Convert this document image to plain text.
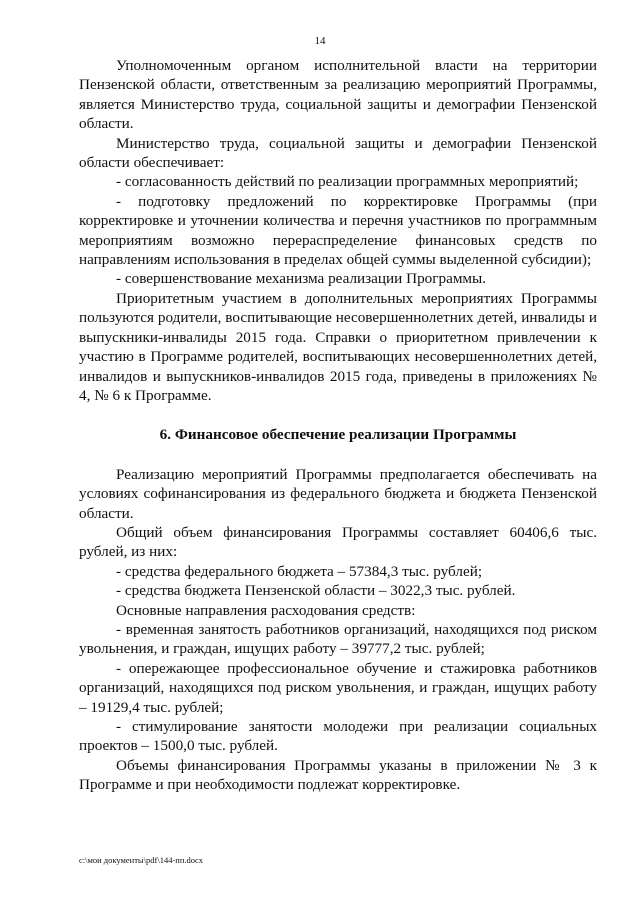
14

Уполномоченным органом исполнительной власти на территории Пензенской области, ответственным за реализацию мероприятий Программы, является Министерство труда, социальной защиты и демографии Пензенской области.

Министерство труда, социальной защиты и демографии Пензенской области обеспечивает:

- согласованность действий по реализации программных мероприятий;

- подготовку предложений по корректировке Программы (при корректировке и уточнении количества и перечня участников по программным мероприятиям возможно перераспределение финансовых средств по направлениям использования в пределах общей суммы выделенной субсидии);

- совершенствование механизма реализации Программы.

Приоритетным участием в дополнительных мероприятиях Программы пользуются родители, воспитывающие несовершеннолетних детей, инвалиды и выпускники-инвалиды 2015 года. Справки о приоритетном привлечении к участию в Программе родителей, воспитывающих несовершеннолетних детей, инвалидов и выпускников-инвалидов 2015 года, приведены в приложениях № 4, № 6 к Программе.

6. Финансовое обеспечение реализации Программы

Реализацию мероприятий Программы предполагается обеспечивать на условиях софинансирования из федерального бюджета и бюджета Пензенской области.

Общий объем финансирования Программы составляет 60406,6 тыс. рублей, из них:

- средства федерального бюджета – 57384,3 тыс. рублей;

- средства бюджета Пензенской области – 3022,3 тыс. рублей.

Основные направления расходования средств:

- временная занятость работников организаций, находящихся под риском увольнения, и граждан, ищущих работу – 39777,2 тыс. рублей;

- опережающее профессиональное обучение и стажировка работников организаций, находящихся под риском увольнения, и граждан, ищущих работу – 19129,4 тыс. рублей;

- стимулирование занятости молодежи при реализации социальных проектов – 1500,0 тыс. рублей.

Объемы финансирования Программы указаны в приложении № 3 к Программе и при необходимости подлежат корректировке.

с:\мои документы\pdf\144-пп.docx
